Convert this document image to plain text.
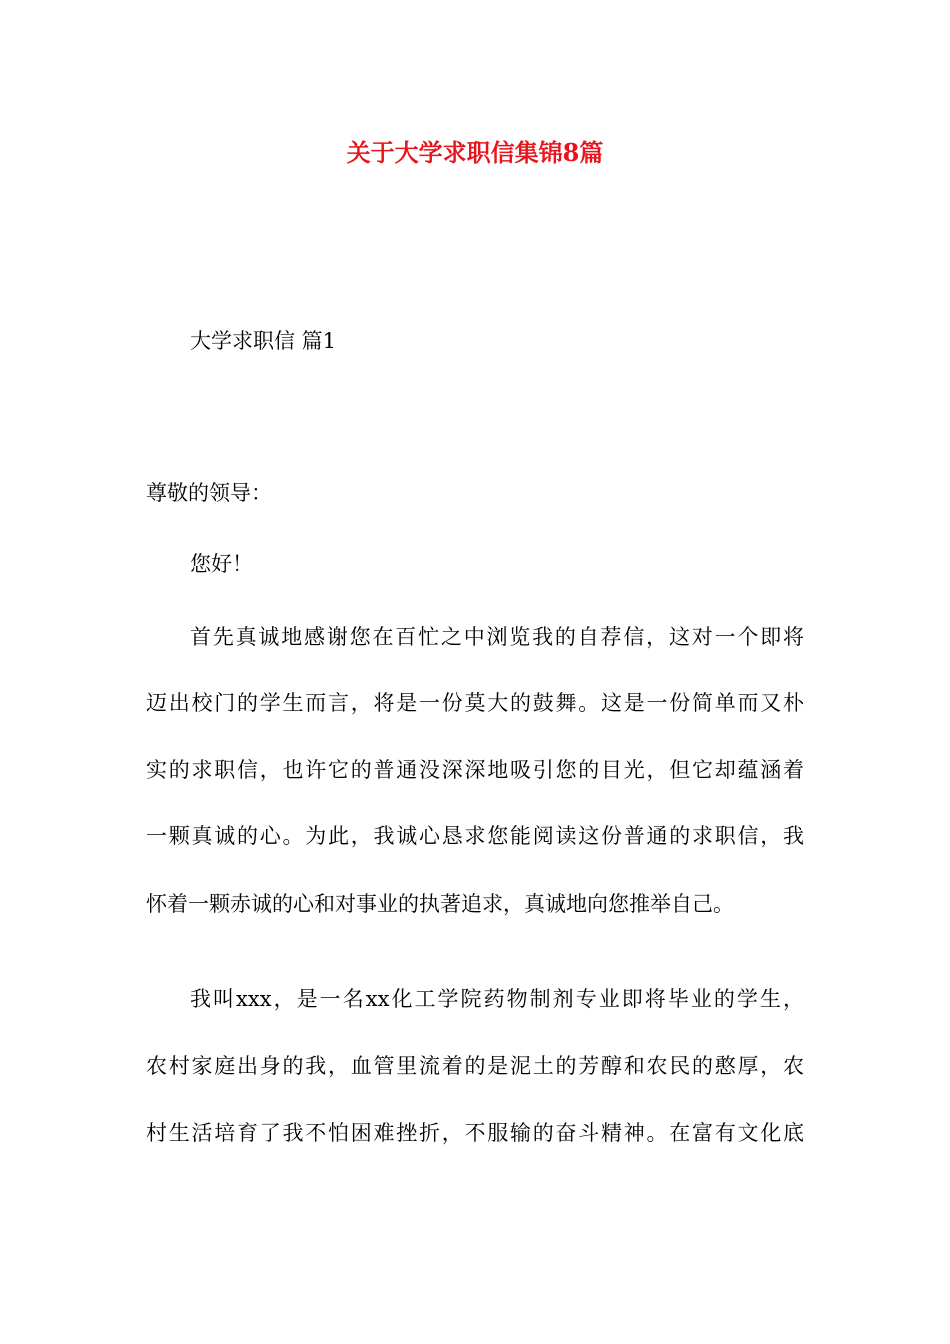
关于大学求职信集锦8篇

大学求职信 篇1

尊敬的领导：

您好！

首先真诚地感谢您在百忙之中浏览我的自荐信，这对一个即将

迈出校门的学生而言，将是一份莫大的鼓舞。这是一份简单而又朴

实的求职信，也许它的普通没深深地吸引您的目光，但它却蕴涵着

一颗真诚的心。为此，我诚心恳求您能阅读这份普通的求职信，我

怀着一颗赤诚的心和对事业的执著追求，真诚地向您推举自己。

我叫xxx，是一名xx化工学院药物制剂专业即将毕业的学生，

农村家庭出身的我，血管里流着的是泥土的芳醇和农民的憨厚，农

村生活培育了我不怕困难挫折，不服输的奋斗精神。在富有文化底
